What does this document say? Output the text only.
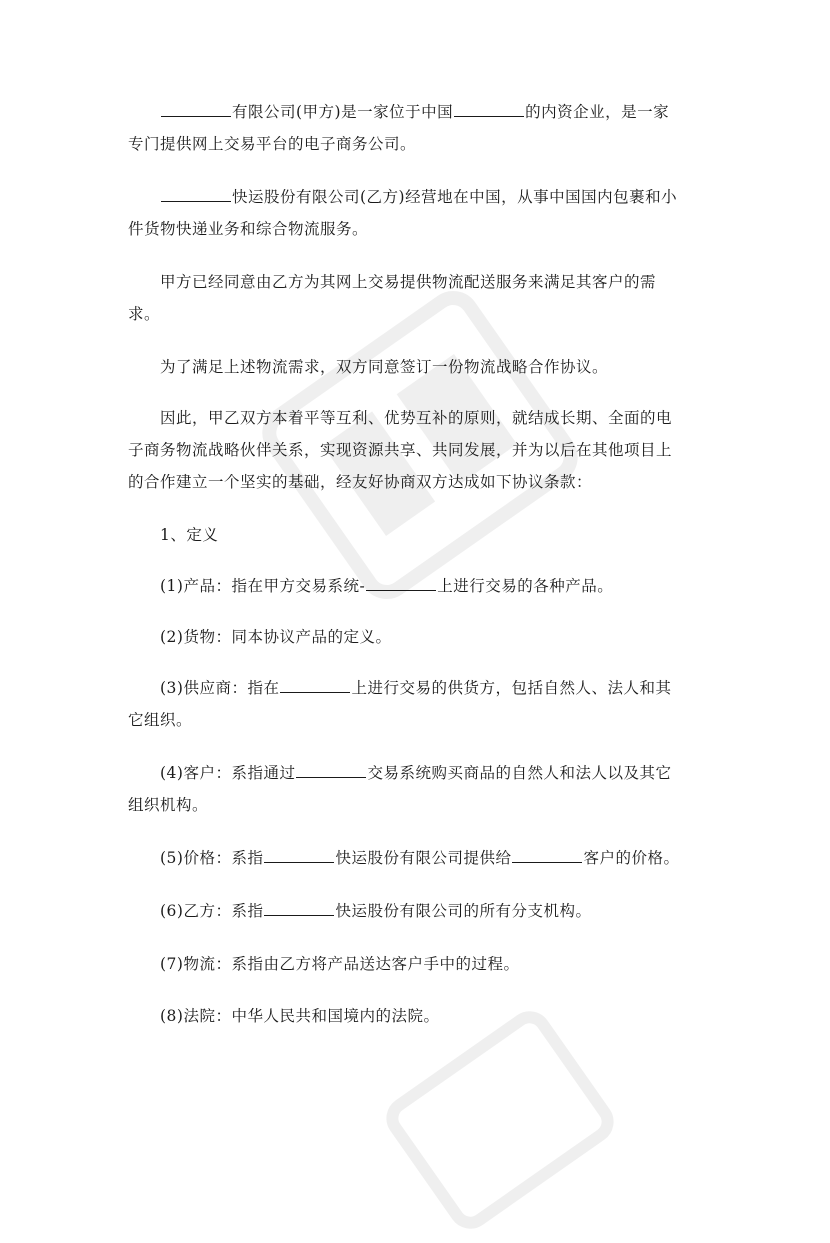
有限公司(甲方)是一家位于中国	的内资企业，是一家
专门提供网上交易平台的电子商务公司。
快运股份有限公司(乙方)经营地在中国，从事中国国内包裹和小
件货物快递业务和综合物流服务。
甲方已经同意由乙方为其网上交易提供物流配送服务来满足其客户的需
求。
为了满足上述物流需求，双方同意签订一份物流战略合作协议。
因此，甲乙双方本着平等互利、优势互补的原则，就结成长期、全面的电
子商务物流战略伙伴关系，实现资源共享、共同发展，并为以后在其他项目上
的合作建立一个坚实的基础，经友好协商双方达成如下协议条款：
1、定义
(1)产品：指在甲方交易系统-	上进行交易的各种产品。
(2)货物：同本协议产品的定义。
(3)供应商：指在	上进行交易的供货方，包括自然人、法人和其
它组织。
(4)客户：系指通过	交易系统购买商品的自然人和法人以及其它
组织机构。
(5)价格：系指	快运股份有限公司提供给	客户的价格。
(6)乙方：系指	快运股份有限公司的所有分支机构。
(7)物流：系指由乙方将产品送达客户手中的过程。
(8)法院：中华人民共和国境内的法院。
